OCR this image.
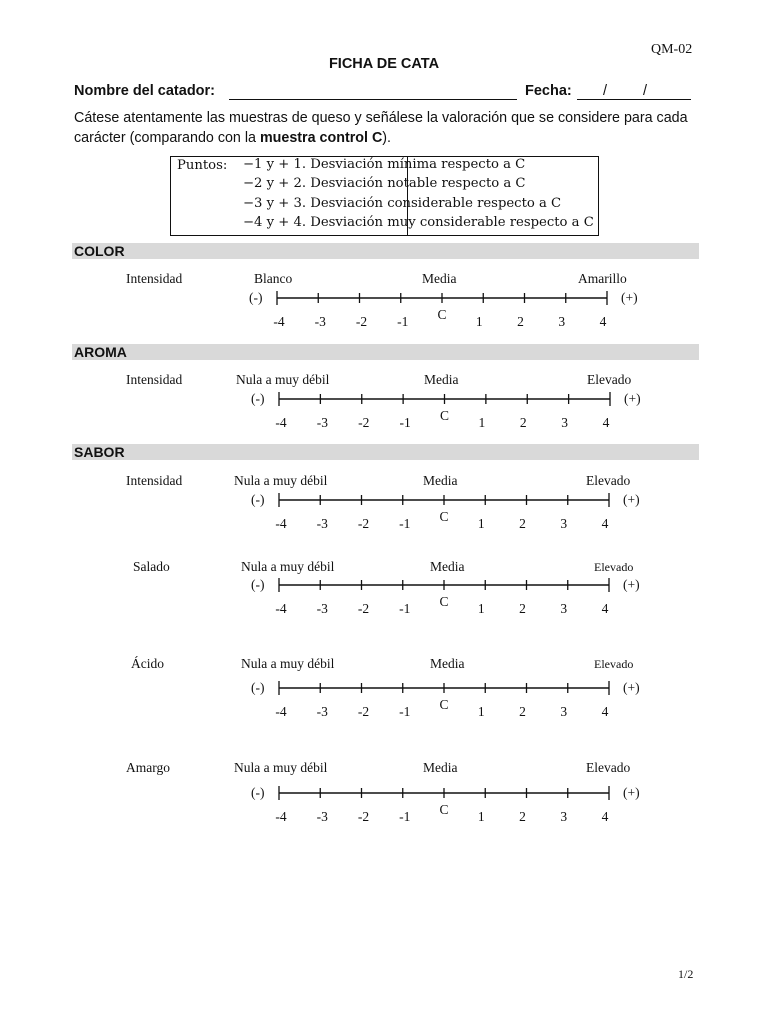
QM-02
FICHA DE CATA
Nombre del catador:	Fecha: / /
Cátese atentamente las muestras de queso y señálese la valoración que se considere para cada carácter (comparando con la muestra control C).
Puntos: −1 y + 1. Desviación mínima respecto a C
−2 y + 2. Desviación notable respecto a C
−3 y + 3. Desviación considerable respecto a C
−4 y + 4. Desviación muy considerable respecto a C
COLOR
AROMA
SABOR
Intensidad	Blanco	Media	Amarillo
(-)	(+)
-4	-3	-2	-1	1	2	3	4
C
Intensidad	Nula a muy débil	Media	Elevado
(-)	(+)
-4	-3	-2	-1	1	2	3	4
C
Intensidad	Nula a muy débil	Media	Elevado
(-)	(+)
-4	-3	-2	-1	1	2	3	4
C
Salado	Nula a muy débil	Media	Elevado
(-)	(+)
-4	-3	-2	-1	1	2	3	4
C
Ácido	Nula a muy débil	Media	Elevado
(-)	(+)
-4	-3	-2	-1	1	2	3	4
C
Amargo	Nula a muy débil	Media	Elevado
(-)	(+)
-4	-3	-2	-1	1	2	3	4
C
1/2
